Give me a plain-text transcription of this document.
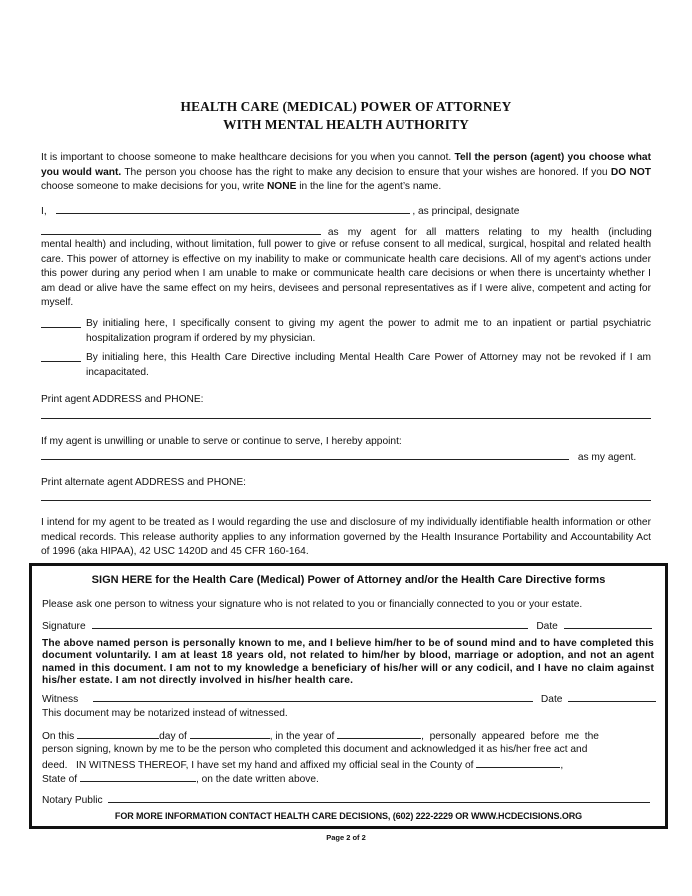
HEALTH CARE (MEDICAL) POWER OF ATTORNEY
WITH MENTAL HEALTH AUTHORITY
It is important to choose someone to make healthcare decisions for you when you cannot. Tell the person (agent) you choose what you would want. The person you choose has the right to make any decision to ensure that your wishes are honored. If you DO NOT choose someone to make decisions for you, write NONE in the line for the agent’s name.
I,	, as principal, designate
as my agent for all matters relating to my health (including
mental health) and including, without limitation, full power to give or refuse consent to all medical, surgical, hospital and related health care. This power of attorney is effective on my inability to make or communicate health care decisions. All of my agent's actions under this power during any period when I am unable to make or communicate health care decisions or when there is uncertainty whether I am dead or alive have the same effect on my heirs, devisees and personal representatives as if I were alive, competent and acting for myself.
By initialing here, I specifically consent to giving my agent the power to admit me to an inpatient or partial psychiatric hospitalization program if ordered by my physician.
By initialing here, this Health Care Directive including Mental Health Care Power of Attorney may not be revoked if I am incapacitated.
Print agent ADDRESS and PHONE:
If my agent is unwilling or unable to serve or continue to serve, I hereby appoint:
as my agent.
Print alternate agent ADDRESS and PHONE:
I intend for my agent to be treated as I would regarding the use and disclosure of my individually identifiable health information or other medical records. This release authority applies to any information governed by the Health Insurance Portability and Accountability Act of 1996 (aka HIPAA), 42 USC 1420D and 45 CFR 160-164.
SIGN HERE for the Health Care (Medical) Power of Attorney and/or the Health Care Directive forms
Please ask one person to witness your signature who is not related to you or financially connected to you or your estate.
Signature	Date
The above named person is personally known to me, and I believe him/her to be of sound mind and to have completed this document voluntarily. I am at least 18 years old, not related to him/her by blood, marriage or adoption, and not an agent named in this document. I am not to my knowledge a beneficiary of his/her will or any codicil, and I have no claim against his/her estate. I am not directly involved in his/her health care.
Witness	Date
This document may be notarized instead of witnessed.
On this	day of	, in the year of	,  personally  appeared  before  me  the
person signing, known by me to be the person who completed this document and acknowledged it as his/her free act and
deed.   IN WITNESS THEREOF, I have set my hand and affixed my official seal in the County of	,
State of	, on the date written above.
Notary Public
FOR MORE INFORMATION CONTACT HEALTH CARE DECISIONS, (602) 222-2229 OR WWW.HCDECISIONS.ORG
Page 2 of 2
